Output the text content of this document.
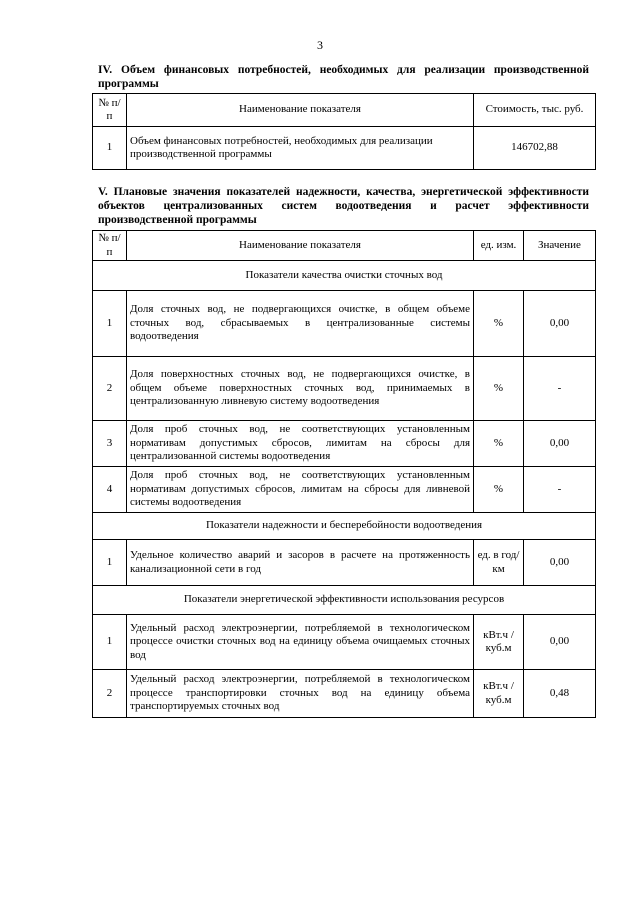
3
IV. Объем финансовых потребностей, необходимых для реализации производственной программы
№ п/п	Наименование показателя	Стоимость, тыс. руб.
1	Объем финансовых потребностей, необходимых для реализации производственной программы	146702,88
V. Плановые значения показателей надежности, качества, энергетической эффективности объектов централизованных систем водоотведения и расчет эффективности производственной программы
№ п/п	Наименование показателя	ед. изм.	Значение
Показатели качества очистки сточных вод			
1	Доля сточных вод, не подвергающихся очистке, в общем объеме сточных вод, сбрасываемых в централизованные системы водоотведения	%	0,00
2	Доля поверхностных сточных вод, не подвергающихся очистке, в общем объеме поверхностных сточных вод, принимаемых в централизованную ливневую систему водоотведения	%	-
3	Доля проб сточных вод, не соответствующих установленным нормативам допустимых сбросов, лимитам на сбросы для централизованной системы водоотведения	%	0,00
4	Доля проб сточных вод, не соответствующих установленным нормативам допустимых сбросов, лимитам на сбросы для ливневой системы водоотведения	%	-
Показатели надежности и бесперебойности водоотведения			
1	Удельное количество аварий и засоров в расчете на протяженность канализационной сети в год	ед. в год/ км	0,00
Показатели энергетической эффективности использования ресурсов			
1	Удельный расход электроэнергии, потребляемой в технологическом процессе очистки сточных вод на единицу объема очищаемых сточных вод	кВт.ч / куб.м	0,00
2	Удельный расход электроэнергии, потребляемой в технологическом процессе транспортировки сточных вод на единицу объема транспортируемых сточных вод	кВт.ч / куб.м	0,48
